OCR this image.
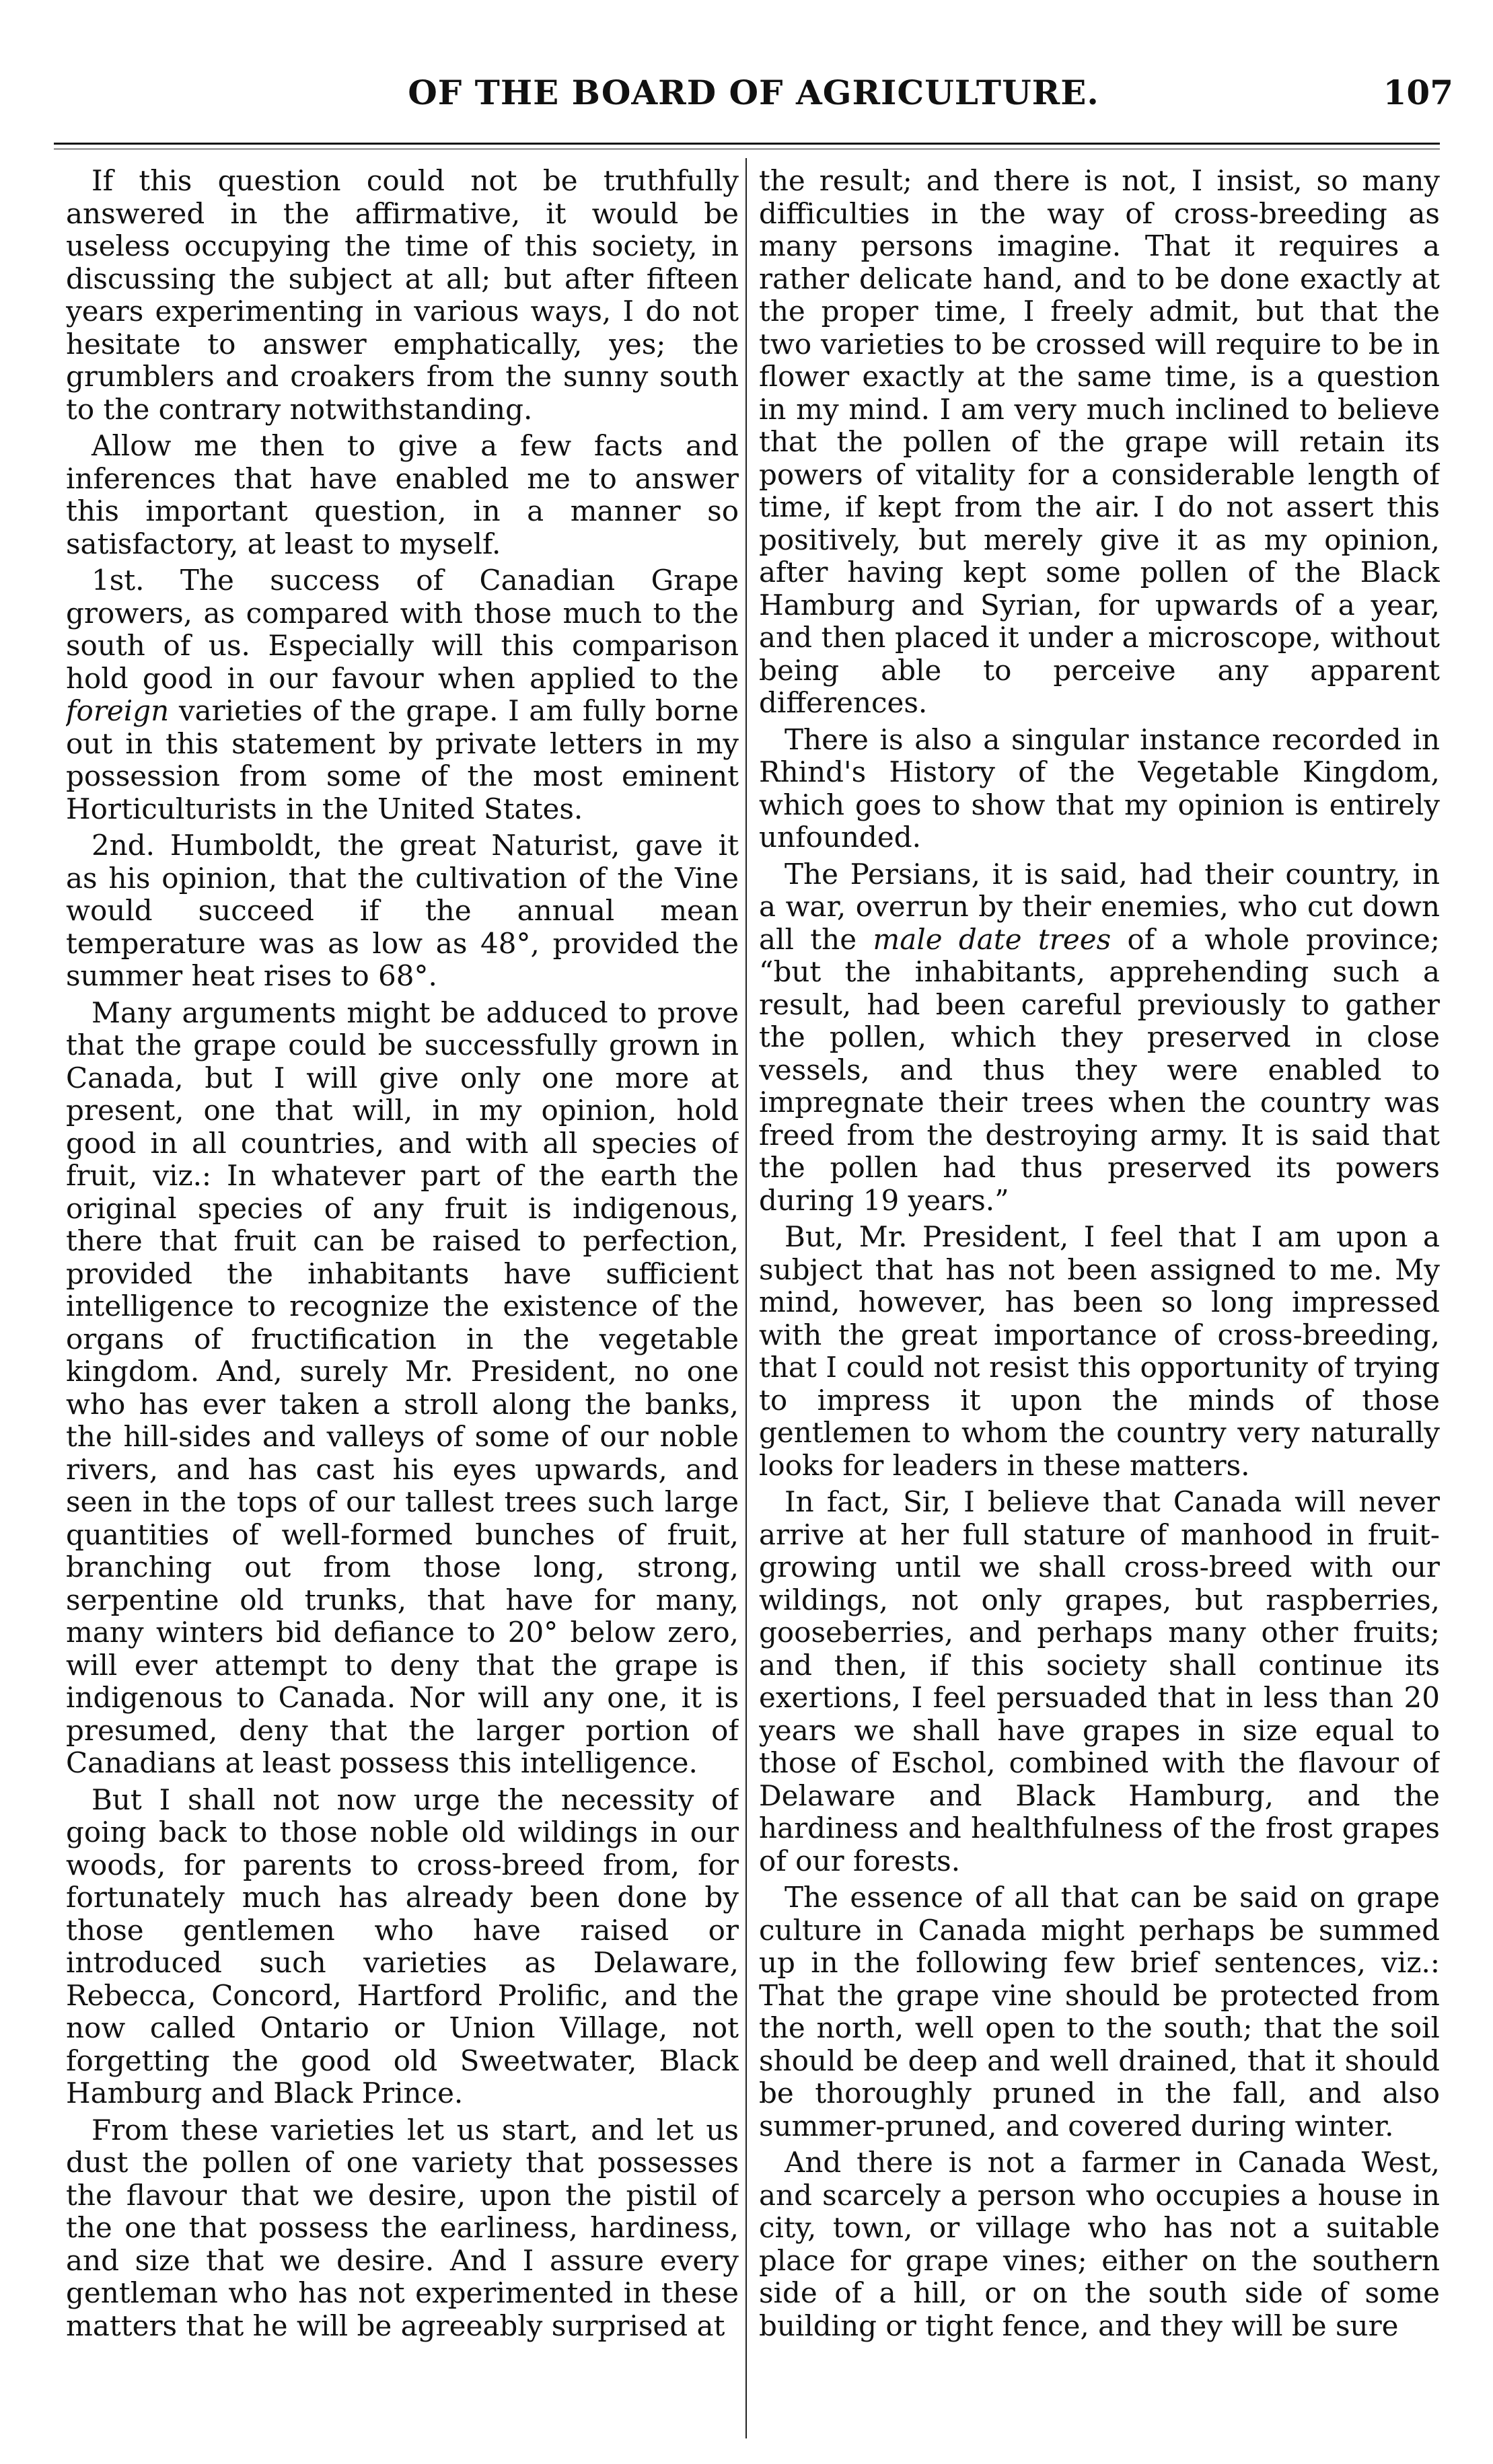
OF THE BOARD OF AGRICULTURE.	107

If this question could not be truthfully answered in the affirmative, it would be useless occupying the time of this society, in discussing the subject at all; but after fifteen years experimenting in various ways, I do not hesitate to answer emphatically, yes; the grumblers and croakers from the sunny south to the contrary notwithstanding.

Allow me then to give a few facts and inferences that have enabled me to answer this important question, in a manner so satisfactory, at least to myself.

1st. The success of Canadian Grape growers, as compared with those much to the south of us. Especially will this comparison hold good in our favour when applied to the foreign varieties of the grape. I am fully borne out in this statement by private letters in my possession from some of the most eminent Horticulturists in the United States.

2nd. Humboldt, the great Naturist, gave it as his opinion, that the cultivation of the Vine would succeed if the annual mean temperature was as low as 48°, provided the summer heat rises to 68°.

Many arguments might be adduced to prove that the grape could be successfully grown in Canada, but I will give only one more at present, one that will, in my opinion, hold good in all countries, and with all species of fruit, viz.: In whatever part of the earth the original species of any fruit is indigenous, there that fruit can be raised to perfection, provided the inhabitants have sufficient intelligence to recognize the existence of the organs of fructification in the vegetable kingdom. And, surely Mr. President, no one who has ever taken a stroll along the banks, the hill-sides and valleys of some of our noble rivers, and has cast his eyes upwards, and seen in the tops of our tallest trees such large quantities of well-formed bunches of fruit, branching out from those long, strong, serpentine old trunks, that have for many, many winters bid defiance to 20° below zero, will ever attempt to deny that the grape is indigenous to Canada. Nor will any one, it is presumed, deny that the larger portion of Canadians at least possess this intelligence.

But I shall not now urge the necessity of going back to those noble old wildings in our woods, for parents to cross-breed from, for fortunately much has already been done by those gentlemen who have raised or introduced such varieties as Delaware, Rebecca, Concord, Hartford Prolific, and the now called Ontario or Union Village, not forgetting the good old Sweetwater, Black Hamburg and Black Prince.

From these varieties let us start, and let us dust the pollen of one variety that possesses the flavour that we desire, upon the pistil of the one that possess the earliness, hardiness, and size that we desire. And I assure every gentleman who has not experimented in these matters that he will be agreeably surprised at

the result; and there is not, I insist, so many difficulties in the way of cross-breeding as many persons imagine. That it requires a rather delicate hand, and to be done exactly at the proper time, I freely admit, but that the two varieties to be crossed will require to be in flower exactly at the same time, is a question in my mind. I am very much inclined to believe that the pollen of the grape will retain its powers of vitality for a considerable length of time, if kept from the air. I do not assert this positively, but merely give it as my opinion, after having kept some pollen of the Black Hamburg and Syrian, for upwards of a year, and then placed it under a microscope, without being able to perceive any apparent differences.

There is also a singular instance recorded in Rhind's History of the Vegetable Kingdom, which goes to show that my opinion is entirely unfounded.

The Persians, it is said, had their country, in a war, overrun by their enemies, who cut down all the male date trees of a whole province; “but the inhabitants, apprehending such a result, had been careful previously to gather the pollen, which they preserved in close vessels, and thus they were enabled to impregnate their trees when the country was freed from the destroying army. It is said that the pollen had thus preserved its powers during 19 years.”

But, Mr. President, I feel that I am upon a subject that has not been assigned to me. My mind, however, has been so long impressed with the great importance of cross-breeding, that I could not resist this opportunity of trying to impress it upon the minds of those gentlemen to whom the country very naturally looks for leaders in these matters.

In fact, Sir, I believe that Canada will never arrive at her full stature of manhood in fruit-growing until we shall cross-breed with our wildings, not only grapes, but raspberries, gooseberries, and perhaps many other fruits; and then, if this society shall continue its exertions, I feel persuaded that in less than 20 years we shall have grapes in size equal to those of Eschol, combined with the flavour of Delaware and Black Hamburg, and the hardiness and healthfulness of the frost grapes of our forests.

The essence of all that can be said on grape culture in Canada might perhaps be summed up in the following few brief sentences, viz.: That the grape vine should be protected from the north, well open to the south; that the soil should be deep and well drained, that it should be thoroughly pruned in the fall, and also summer-pruned, and covered during winter.

And there is not a farmer in Canada West, and scarcely a person who occupies a house in city, town, or village who has not a suitable place for grape vines; either on the southern side of a hill, or on the south side of some building or tight fence, and they will be sure
